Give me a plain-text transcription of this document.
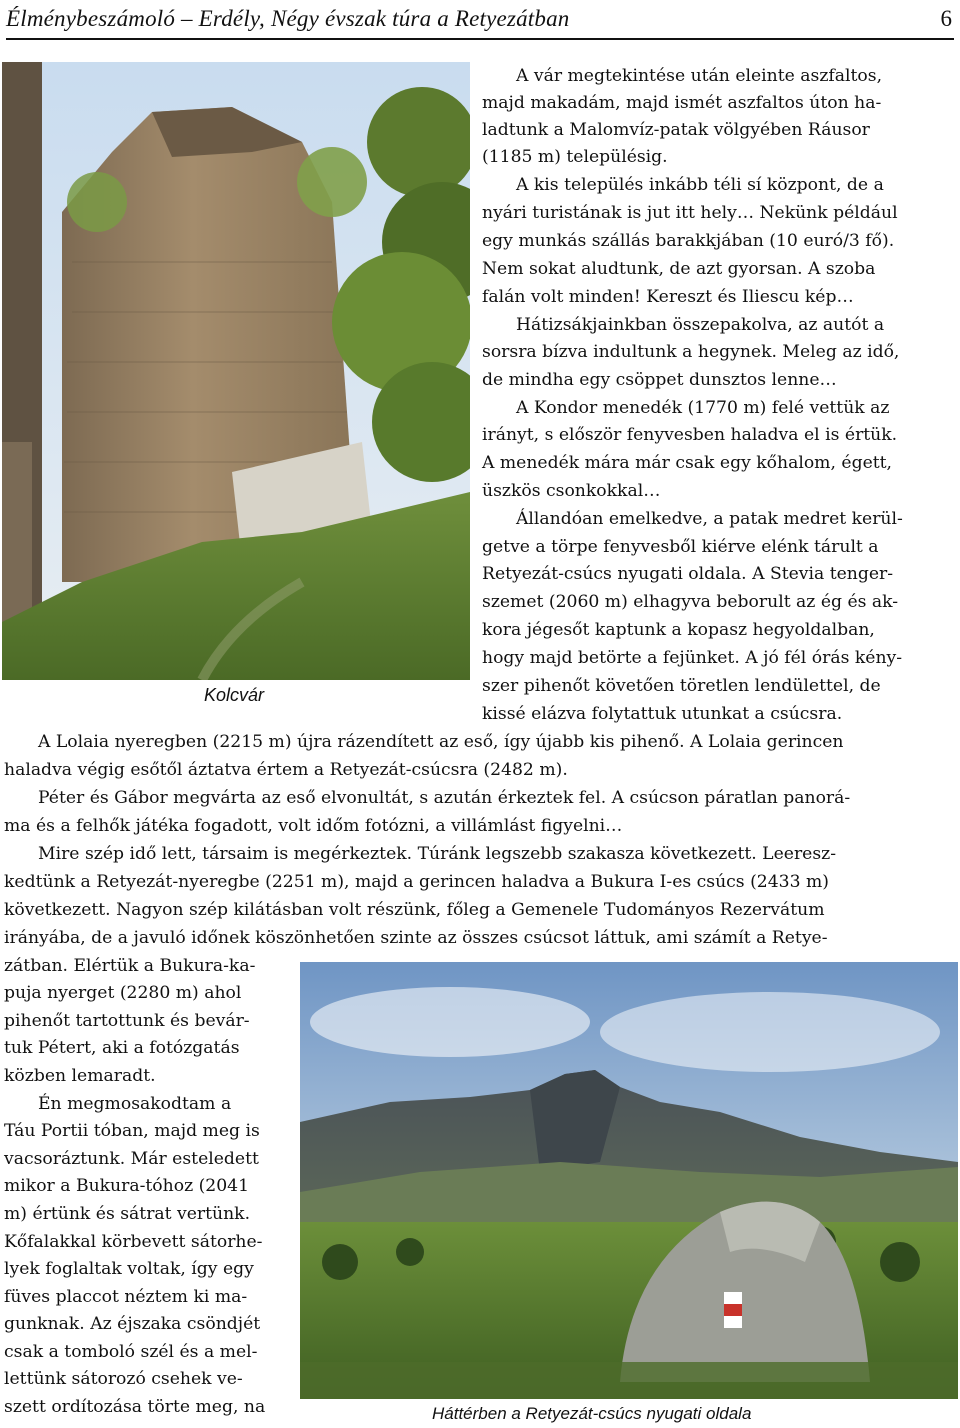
Élménybeszámoló – Erdély, Négy évszak túra a Retyezátban	6
Kolcvár
Háttérben a Retyezát-csúcs nyugati oldala
A vár megtekintése után eleinte aszfaltos,
majd makadám, majd ismét aszfaltos úton ha-
ladtunk a Malomvíz-patak völgyében Ráusor
(1185 m) településig.
A kis település inkább téli sí központ, de a
nyári turistának is jut itt hely… Nekünk például
egy munkás szállás barakkjában (10 euró/3 fő).
Nem sokat aludtunk, de azt gyorsan. A szoba
falán volt minden! Kereszt és Iliescu kép…
Hátizsákjainkban összepakolva, az autót a
sorsra bízva indultunk a hegynek. Meleg az idő,
de mindha egy csöppet dunsztos lenne…
A Kondor menedék (1770 m) felé vettük az
irányt, s először fenyvesben haladva el is értük.
A menedék mára már csak egy kőhalom, égett,
üszkös csonkokkal…
Állandóan emelkedve, a patak medret kerül-
getve a törpe fenyvesből kiérve elénk tárult a
Retyezát-csúcs nyugati oldala. A Stevia tenger-
szemet (2060 m) elhagyva beborult az ég és ak-
kora jégesőt kaptunk a kopasz hegyoldalban,
hogy majd betörte a fejünket. A jó fél órás kény-
szer pihenőt követően töretlen lendülettel, de
kissé elázva folytattuk utunkat a csúcsra.
A Lolaia nyeregben (2215 m) újra rázendített az eső, így újabb kis pihenő. A Lolaia gerincen
haladva végig esőtől áztatva értem a Retyezát-csúcsra (2482 m).
Péter és Gábor megvárta az eső elvonultát, s azután érkeztek fel. A csúcson páratlan panorá-
ma és a felhők játéka fogadott, volt időm fotózni, a villámlást figyelni…
Mire szép idő lett, társaim is megérkeztek. Túránk legszebb szakasza következett. Leeresz-
kedtünk a Retyezát-nyeregbe (2251 m), majd a gerincen haladva a Bukura I-es csúcs (2433 m)
következett. Nagyon szép kilátásban volt részünk, főleg a Gemenele Tudományos Rezervátum
irányába, de a javuló időnek köszönhetően szinte az összes csúcsot láttuk, ami számít a Retye-
zátban. Elértük a Bukura-ka-
puja nyerget (2280 m) ahol
pihenőt tartottunk és bevár-
tuk Pétert, aki a fotózgatás
közben lemaradt.
Én megmosakodtam a
Táu Portii tóban, majd meg is
vacsoráztunk. Már esteledett
mikor a Bukura-tóhoz (2041
m) értünk és sátrat vertünk.
Kőfalakkal körbevett sátorhe-
lyek foglaltak voltak, így egy
füves placcot néztem ki ma-
gunknak. Az éjszaka csöndjét
csak a tomboló szél és a mel-
lettünk sátorozó csehek ve-
szett ordítozása törte meg, na
